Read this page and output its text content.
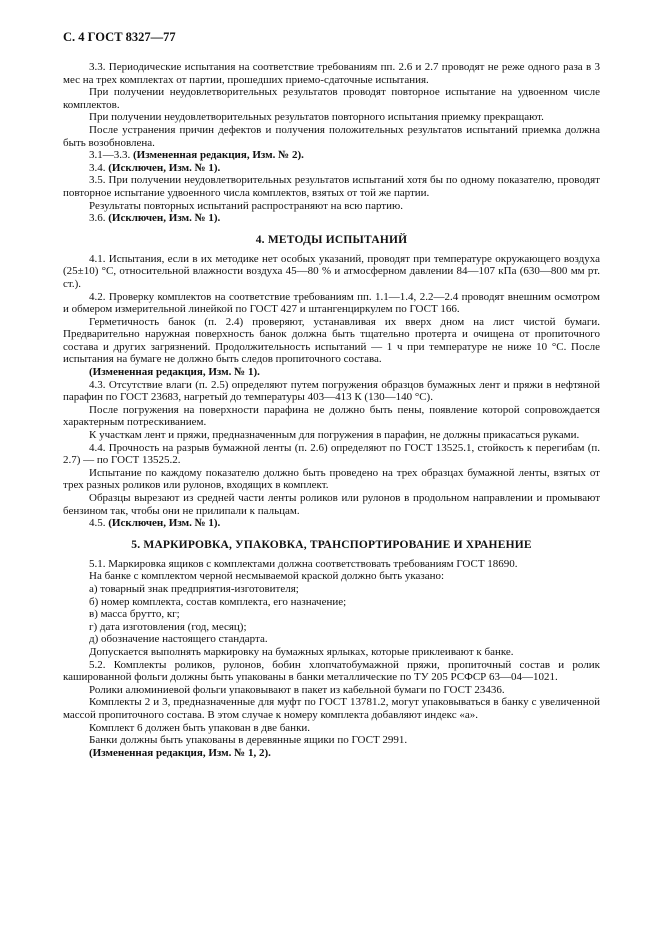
С. 4 ГОСТ 8327—77

3.3. Периодические испытания на соответствие требованиям пп. 2.6 и 2.7 проводят не реже одного раза в 3 мес на трех комплектах от партии, прошедших приемо-сдаточные испытания.

При получении неудовлетворительных результатов проводят повторное испытание на удвоенном числе комплектов.

При получении неудовлетворительных результатов повторного испытания приемку прекращают.

После устранения причин дефектов и получения положительных результатов испытаний приемка должна быть возобновлена.

3.1—3.3. (Измененная редакция, Изм. № 2).

3.4. (Исключен, Изм. № 1).

3.5. При получении неудовлетворительных результатов испытаний хотя бы по одному показателю, проводят повторное испытание удвоенного числа комплектов, взятых от той же партии.

Результаты повторных испытаний распространяют на всю партию.

3.6. (Исключен, Изм. № 1).

4. МЕТОДЫ ИСПЫТАНИЙ

4.1. Испытания, если в их методике нет особых указаний, проводят при температуре окружающего воздуха (25±10) °С, относительной влажности воздуха 45—80 % и атмосферном давлении 84—107 кПа (630—800 мм рт. ст.).

4.2. Проверку комплектов на соответствие требованиям пп. 1.1—1.4, 2.2—2.4 проводят внешним осмотром и обмером измерительной линейкой по ГОСТ 427 и штангенциркулем по ГОСТ 166.

Герметичность банок (п. 2.4) проверяют, устанавливая их вверх дном на лист чистой бумаги. Предварительно наружная поверхность банок должна быть тщательно протерта и очищена от пропиточного состава и других загрязнений. Продолжительность испытаний — 1 ч при температуре не ниже 10 °С. После испытания на бумаге не должно быть следов пропиточного состава.

(Измененная редакция, Изм. № 1).

4.3. Отсутствие влаги (п. 2.5) определяют путем погружения образцов бумажных лент и пряжи в нефтяной парафин по ГОСТ 23683, нагретый до температуры 403—413 К (130—140 °С).

После погружения на поверхности парафина не должно быть пены, появление которой сопровождается характерным потрескиванием.

К участкам лент и пряжи, предназначенным для погружения в парафин, не должны прикасаться руками.

4.4. Прочность на разрыв бумажной ленты (п. 2.6) определяют по ГОСТ 13525.1, стойкость к перегибам (п. 2.7) — по ГОСТ 13525.2.

Испытание по каждому показателю должно быть проведено на трех образцах бумажной ленты, взятых от трех разных роликов или рулонов, входящих в комплект.

Образцы вырезают из средней части ленты роликов или рулонов в продольном направлении и промывают бензином так, чтобы они не прилипали к пальцам.

4.5. (Исключен, Изм. № 1).

5. МАРКИРОВКА, УПАКОВКА, ТРАНСПОРТИРОВАНИЕ И ХРАНЕНИЕ

5.1. Маркировка ящиков с комплектами должна соответствовать требованиям ГОСТ 18690.

На банке с комплектом черной несмываемой краской должно быть указано:

а) товарный знак предприятия-изготовителя;
б) номер комплекта, состав комплекта, его назначение;
в) масса брутто, кг;
г) дата изготовления (год, месяц);
д) обозначение настоящего стандарта.

Допускается выполнять маркировку на бумажных ярлыках, которые приклеивают к банке.

5.2. Комплекты роликов, рулонов, бобин хлопчатобумажной пряжи, пропиточный состав и ролик кашированной фольги должны быть упакованы в банки металлические по ТУ 205 РСФСР 63—04—1021.

Ролики алюминиевой фольги упаковывают в пакет из кабельной бумаги по ГОСТ 23436.

Комплекты 2 и 3, предназначенные для муфт по ГОСТ 13781.2, могут упаковываться в банку с увеличенной массой пропиточного состава. В этом случае к номеру комплекта добавляют индекс «а».

Комплект 6 должен быть упакован в две банки.

Банки должны быть упакованы в деревянные ящики по ГОСТ 2991.

(Измененная редакция, Изм. № 1, 2).
